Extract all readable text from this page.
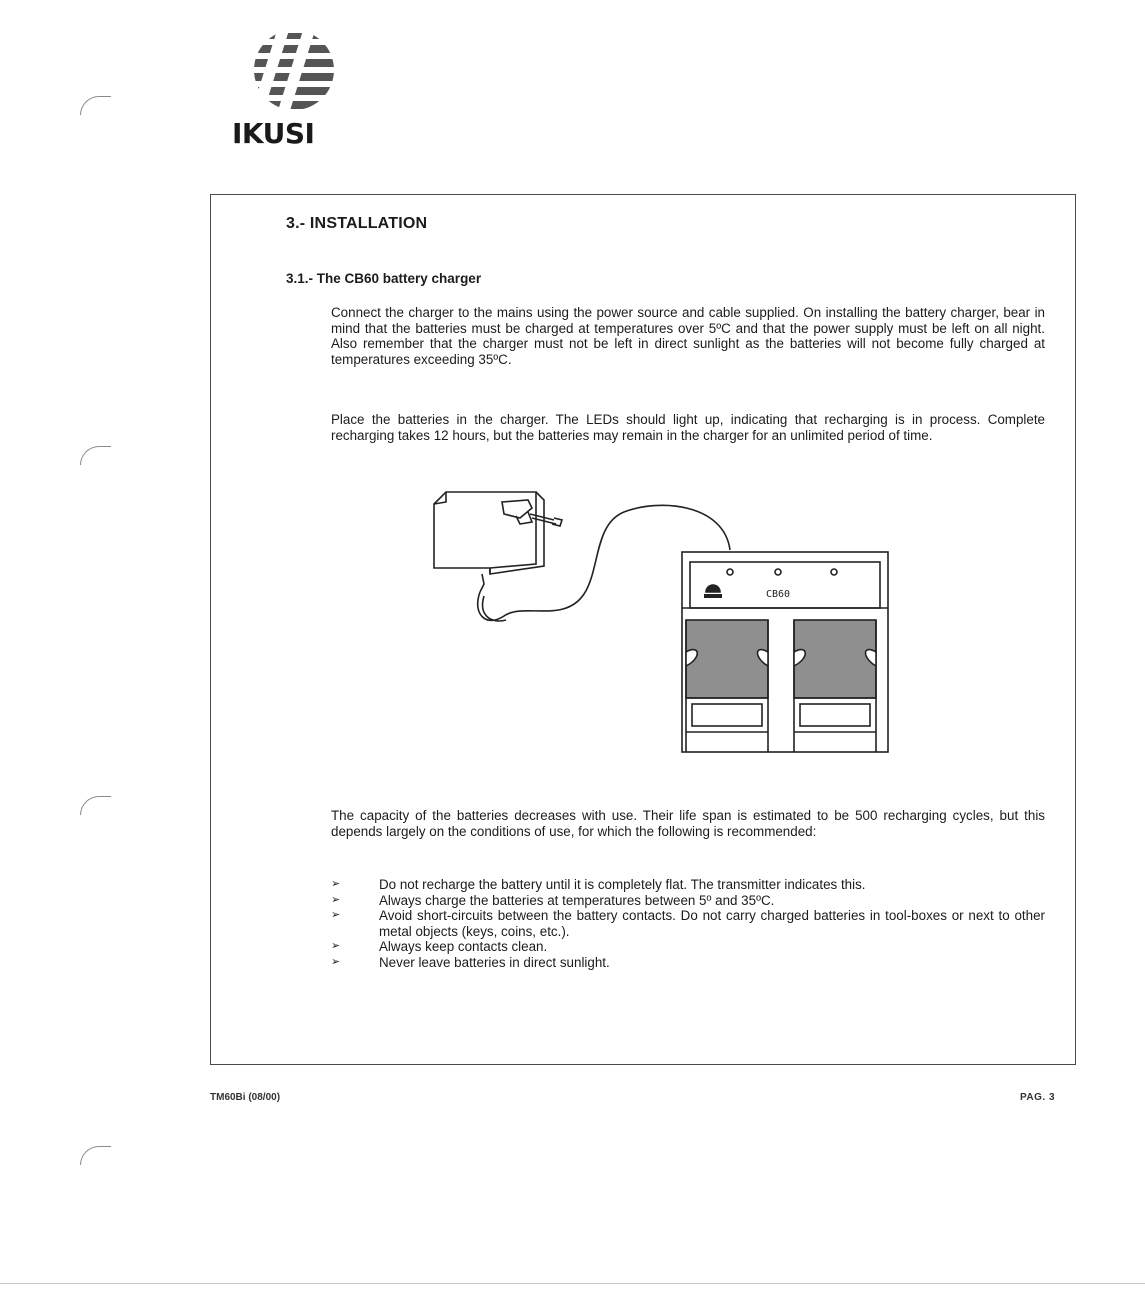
IKUSI
3.- INSTALLATION
3.1.- The CB60 battery charger

Connect the charger to the mains using the power source and cable supplied. On installing the battery charger, bear in mind that the batteries must be charged at temperatures over 5ºC and that the power supply must be left on all night. Also remember that the charger must not be left in direct sunlight as the batteries will not become fully charged at temperatures exceeding 35ºC.

Place the batteries in the charger. The LEDs should light up, indicating that recharging is in process. Complete recharging takes 12 hours, but the batteries may remain in the charger for an unlimited period of time.

CB60

The capacity of the batteries decreases with use. Their life span is estimated to be 500 recharging cycles, but this depends largely on the conditions of use, for which the following is recommended:

➢	Do not recharge the battery until it is completely flat. The transmitter indicates this.
➢	Always charge the batteries at temperatures between 5º and 35ºC.
➢	Avoid short-circuits between the battery contacts. Do not carry charged batteries in tool-boxes or next to other metal objects (keys, coins, etc.).
➢	Always keep contacts clean.
➢	Never leave batteries in direct sunlight.
TM60Bi (08/00)	PAG. 3
